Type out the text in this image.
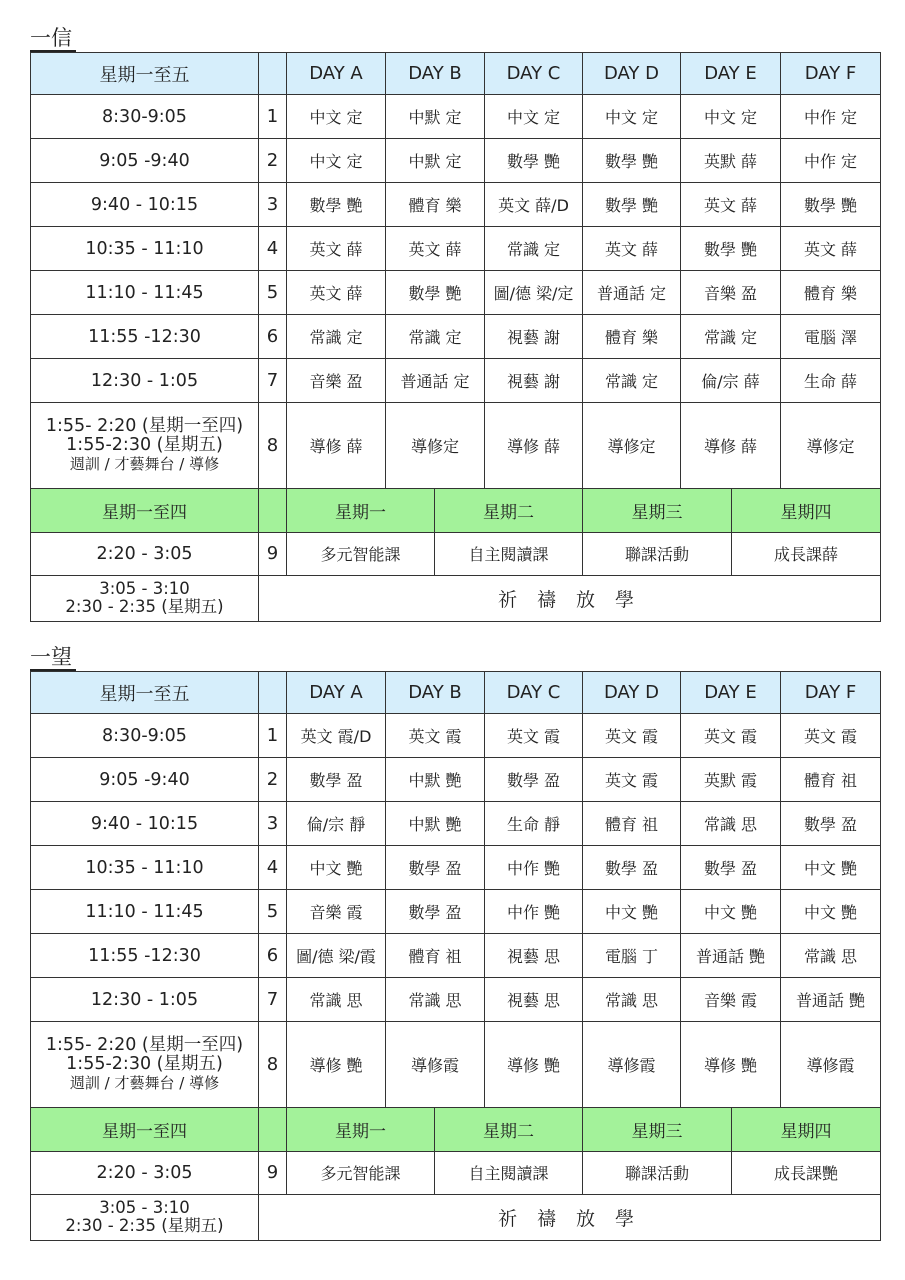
一信
星期一至五		DAY A	DAY B	DAY C	DAY D	DAY E	DAY F
8:30-9:05	1	中文 定	中默 定	中文 定	中文 定	中文 定	中作 定
9:05 -9:40	2	中文 定	中默 定	數學 艷	數學 艷	英默 薛	中作 定
9:40 - 10:15	3	數學 艷	體育 樂	英文 薛/D	數學 艷	英文 薛	數學 艷
10:35 - 11:10	4	英文 薛	英文 薛	常識 定	英文 薛	數學 艷	英文 薛
11:10 - 11:45	5	英文 薛	數學 艷	圖/德 梁/定	普通話 定	音樂 盈	體育 樂
11:55 -12:30	6	常識 定	常識 定	視藝 謝	體育 樂	常識 定	電腦 澤
12:30 - 1:05	7	音樂 盈	普通話 定	視藝 謝	常識 定	倫/宗 薛	生命 薛

1:55- 2:20 (星期一至四)
1:55-2:30 (星期五)
週訓 / 才藝舞台 / 導修	8	導修 薛	導修定	導修 薛	導修定	導修 薛	導修定
星期一至四		星期一	星期二	星期三	星期四
2:20 - 3:05	9	多元智能課	自主閱讀課	聯課活動	成長課薛

3:05 - 3:10
2:30 - 2:35 (星期五)	祈 禱 放 學				
一望
星期一至五		DAY A	DAY B	DAY C	DAY D	DAY E	DAY F
8:30-9:05	1	英文 霞/D	英文 霞	英文 霞	英文 霞	英文 霞	英文 霞
9:05 -9:40	2	數學 盈	中默 艷	數學 盈	英文 霞	英默 霞	體育 祖
9:40 - 10:15	3	倫/宗 靜	中默 艷	生命 靜	體育 祖	常識 思	數學 盈
10:35 - 11:10	4	中文 艷	數學 盈	中作 艷	數學 盈	數學 盈	中文 艷
11:10 - 11:45	5	音樂 霞	數學 盈	中作 艷	中文 艷	中文 艷	中文 艷
11:55 -12:30	6	圖/德 梁/霞	體育 祖	視藝 思	電腦 丁	普通話 艷	常識 思
12:30 - 1:05	7	常識 思	常識 思	視藝 思	常識 思	音樂 霞	普通話 艷

1:55- 2:20 (星期一至四)
1:55-2:30 (星期五)
週訓 / 才藝舞台 / 導修	8	導修 艷	導修霞	導修 艷	導修霞	導修 艷	導修霞
星期一至四		星期一	星期二	星期三	星期四
2:20 - 3:05	9	多元智能課	自主閱讀課	聯課活動	成長課艷

3:05 - 3:10
2:30 - 2:35 (星期五)	祈 禱 放 學				
